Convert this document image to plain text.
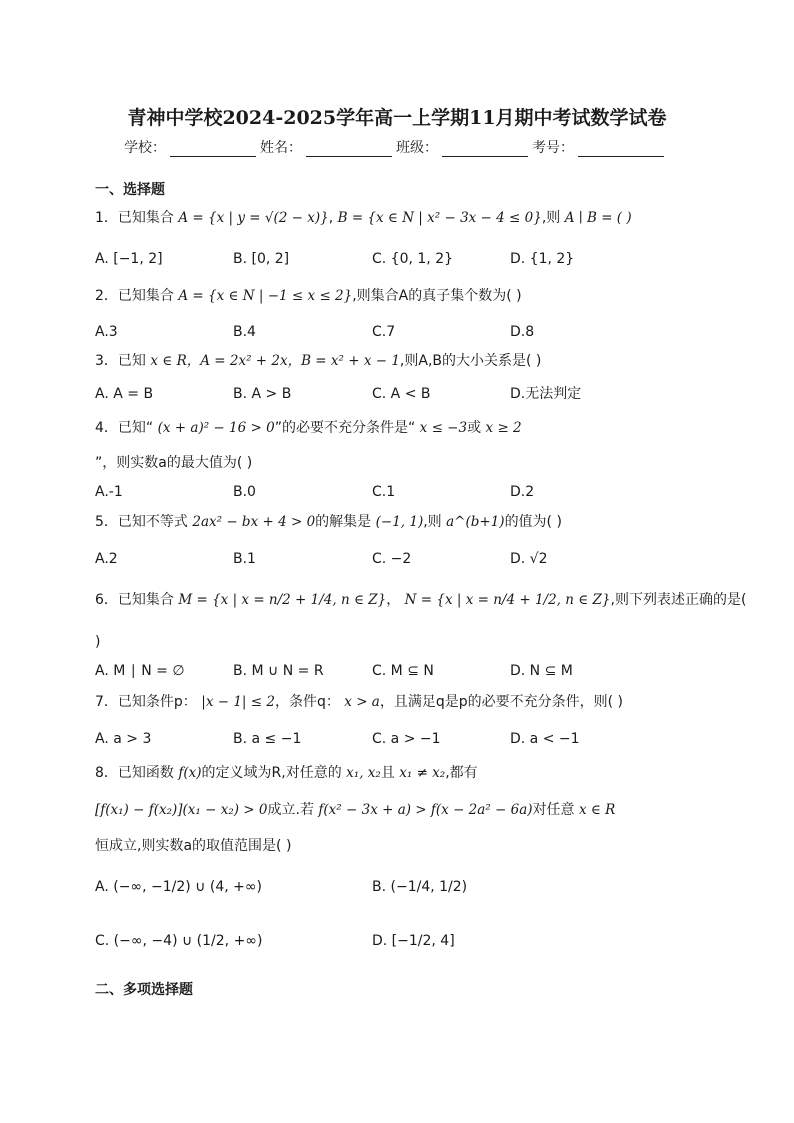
青神中学校2024-2025学年高一上学期11月期中考试数学试卷
学校：	姓名：	班级：	考号：
一、选择题
1．已知集合 A = {x | y = √(2 − x)}, B = {x ∈ N | x² − 3x − 4 ≤ 0},则 A ∣ B = ( )
A. [−1, 2]	B. [0, 2]	C. {0, 1, 2}	D. {1, 2}
2．已知集合 A = {x ∈ N | −1 ≤ x ≤ 2},则集合A的真子集个数为( )
A.3	B.4	C.7	D.8
3．已知 x ∈ R，A = 2x² + 2x，B = x² + x − 1,则A,B的大小关系是( )
A. A = B	B. A > B	C. A < B	D.无法判定
4．已知“ (x + a)² − 16 > 0”的必要不充分条件是“ x ≤ −3或 x ≥ 2
”，则实数a的最大值为( )
A.-1	B.0	C.1	D.2
5．已知不等式 2ax² − bx + 4 > 0的解集是 (−1, 1),则 a^(b+1)的值为( )
A.2	B.1	C. −2	D. √2
6．已知集合 M = {x | x = n/2 + 1/4, n ∈ Z}， N = {x | x = n/4 + 1/2, n ∈ Z},则下列表述正确的是(
)
A. M ∣ N = ∅	B. M ∪ N = R	C. M ⊆ N	D. N ⊆ M
7．已知条件p： |x − 1| ≤ 2，条件q： x > a，且满足q是p的必要不充分条件，则( )
A. a > 3	B. a ≤ −1	C. a > −1	D. a < −1
8．已知函数 f(x)的定义域为R,对任意的 x₁, x₂且 x₁ ≠ x₂,都有
[f(x₁) − f(x₂)](x₁ − x₂) > 0成立.若 f(x² − 3x + a) > f(x − 2a² − 6a)对任意 x ∈ R
恒成立,则实数a的取值范围是( )
A. (−∞, −1/2) ∪ (4, +∞)	B. (−1/4, 1/2)
C. (−∞, −4) ∪ (1/2, +∞)	D. [−1/2, 4]
二、多项选择题
